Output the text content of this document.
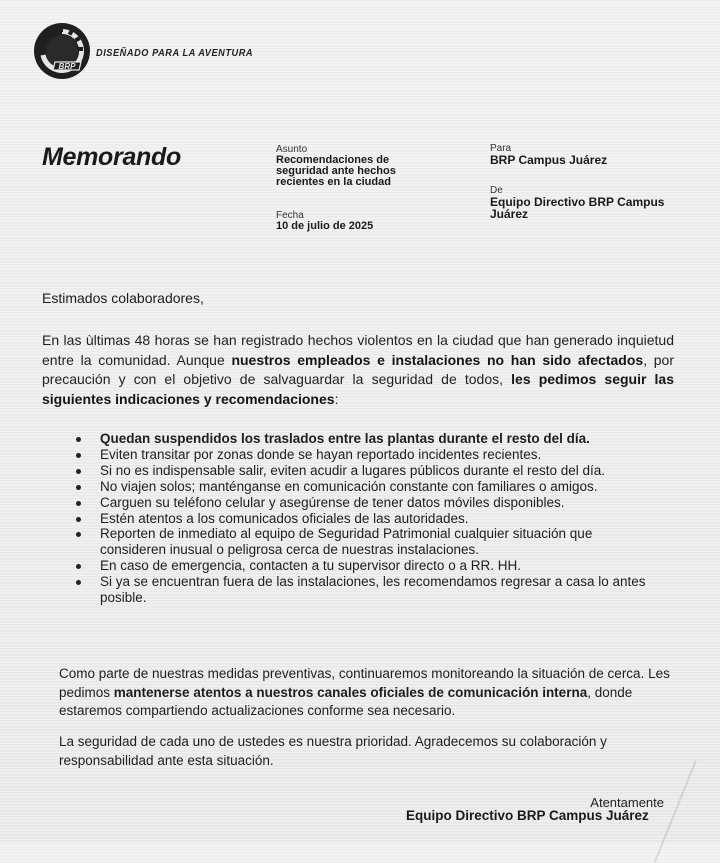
BRP
DISEÑADO PARA LA AVENTURA
Memorando	Asunto
Recomendaciones de seguridad ante hechos recientes en la ciudad
Fecha
10 de julio de 2025
Para
BRP Campus Juárez
De
Equipo Directivo BRP Campus Juárez
Estimados colaboradores,

En las ùltimas 48 horas se han registrado hechos violentos en la ciudad que han generado inquietud entre la comunidad. Aunque nuestros empleados e instalaciones no han sido afectados, por precaución y con el objetivo de salvaguardar la seguridad de todos, les pedimos seguir las siguientes indicaciones y recomendaciones:

Quedan suspendidos los traslados entre las plantas durante el resto del día.
Eviten transitar por zonas donde se hayan reportado incidentes recientes.
Si no es indispensable salir, eviten acudir a lugares públicos durante el resto del día.
No viajen solos; manténganse en comunicación constante con familiares o amigos.
Carguen su teléfono celular y asegúrense de tener datos móviles disponibles.
Estén atentos a los comunicados oficiales de las autoridades.
Reporten de inmediato al equipo de Seguridad Patrimonial cualquier situación que consideren inusual o peligrosa cerca de nuestras instalaciones.
En caso de emergencia, contacten a tu supervisor directo o a RR. HH.
Si ya se encuentran fuera de las instalaciones, les recomendamos regresar a casa lo antes posible.

Como parte de nuestras medidas preventivas, continuaremos monitoreando la situación de cerca. Les pedimos mantenerse atentos a nuestros canales oficiales de comunicación interna, donde estaremos compartiendo actualizaciones conforme sea necesario.

La seguridad de cada uno de ustedes es nuestra prioridad. Agradecemos su colaboración y responsabilidad ante esta situación.

Atentamente
Equipo Directivo BRP Campus Juárez
